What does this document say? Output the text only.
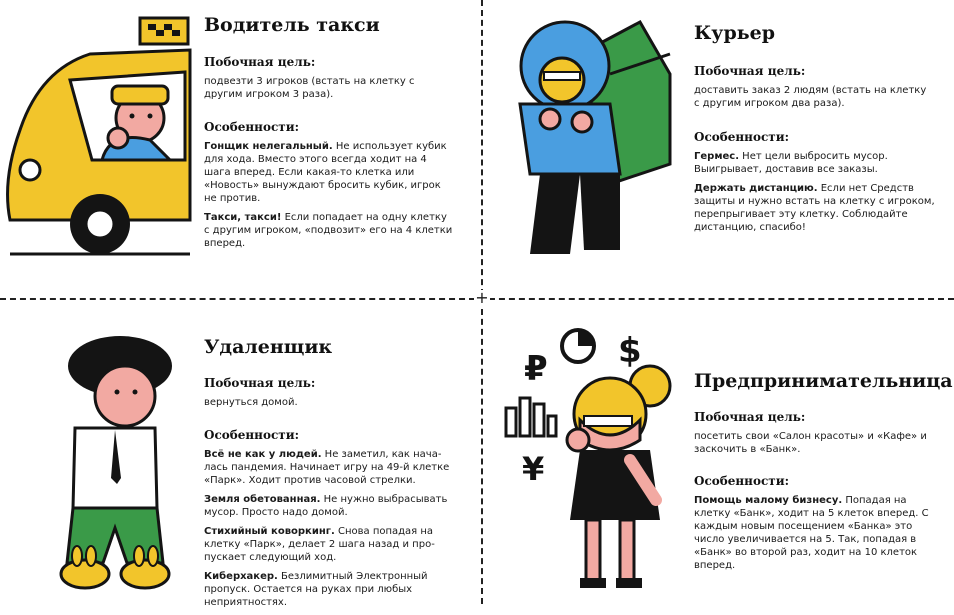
+
Водитель такси
Побочная цель:
подвезти 3 игроков (встать на клетку с другим игроком 3 раза).
Особенности:

Гонщик нелегальный. Не использует кубик для хода. Вместо этого всегда ходит на 4 шага вперед. Если какая-то клетка или «Новость» вынуждают бросить кубик, игрок не против.

Такси, такси! Если попадает на одну клетку с другим игроком, «подвозит» его на 4 клетки вперед.

Курьер
Побочная цель:
доставить заказ 2 людям (встать на клетку с другим игроком два раза).
Особенности:

Гермес. Нет цели выбросить мусор. Выигрывает, доставив все заказы.

Держать дистанцию. Если нет Средств защиты и нужно встать на клетку с игроком, перепрыгивает эту клетку. Соблюдайте дистанцию, спасибо!

Удаленщик
Побочная цель:
вернуться домой.
Особенности:

Всё не как у людей. Не заметил, как началась пандемия. Начинает игру на 49-й клетке «Парк». Ходит против часовой стрелки.

Земля обетованная. Не нужно выбрасывать мусор. Просто надо домой.

Стихийный коворкинг. Снова попадая на клетку «Парк», делает 2 шага назад и пропускает следующий ход.

Киберхакер. Безлимитный Электронный пропуск. Остается на руках при любых неприятностях.

₽ $
¥
Предпринимательница
Побочная цель:
посетить свои «Салон красоты» и «Кафе» и заскочить в «Банк».
Особенности:

Помощь малому бизнесу. Попадая на клетку «Банк», ходит на 5 клеток вперед. С каждым новым посещением «Банка» это число увеличивается на 5. Так, попадая в «Банк» во второй раз, ходит на 10 клеток вперед.
